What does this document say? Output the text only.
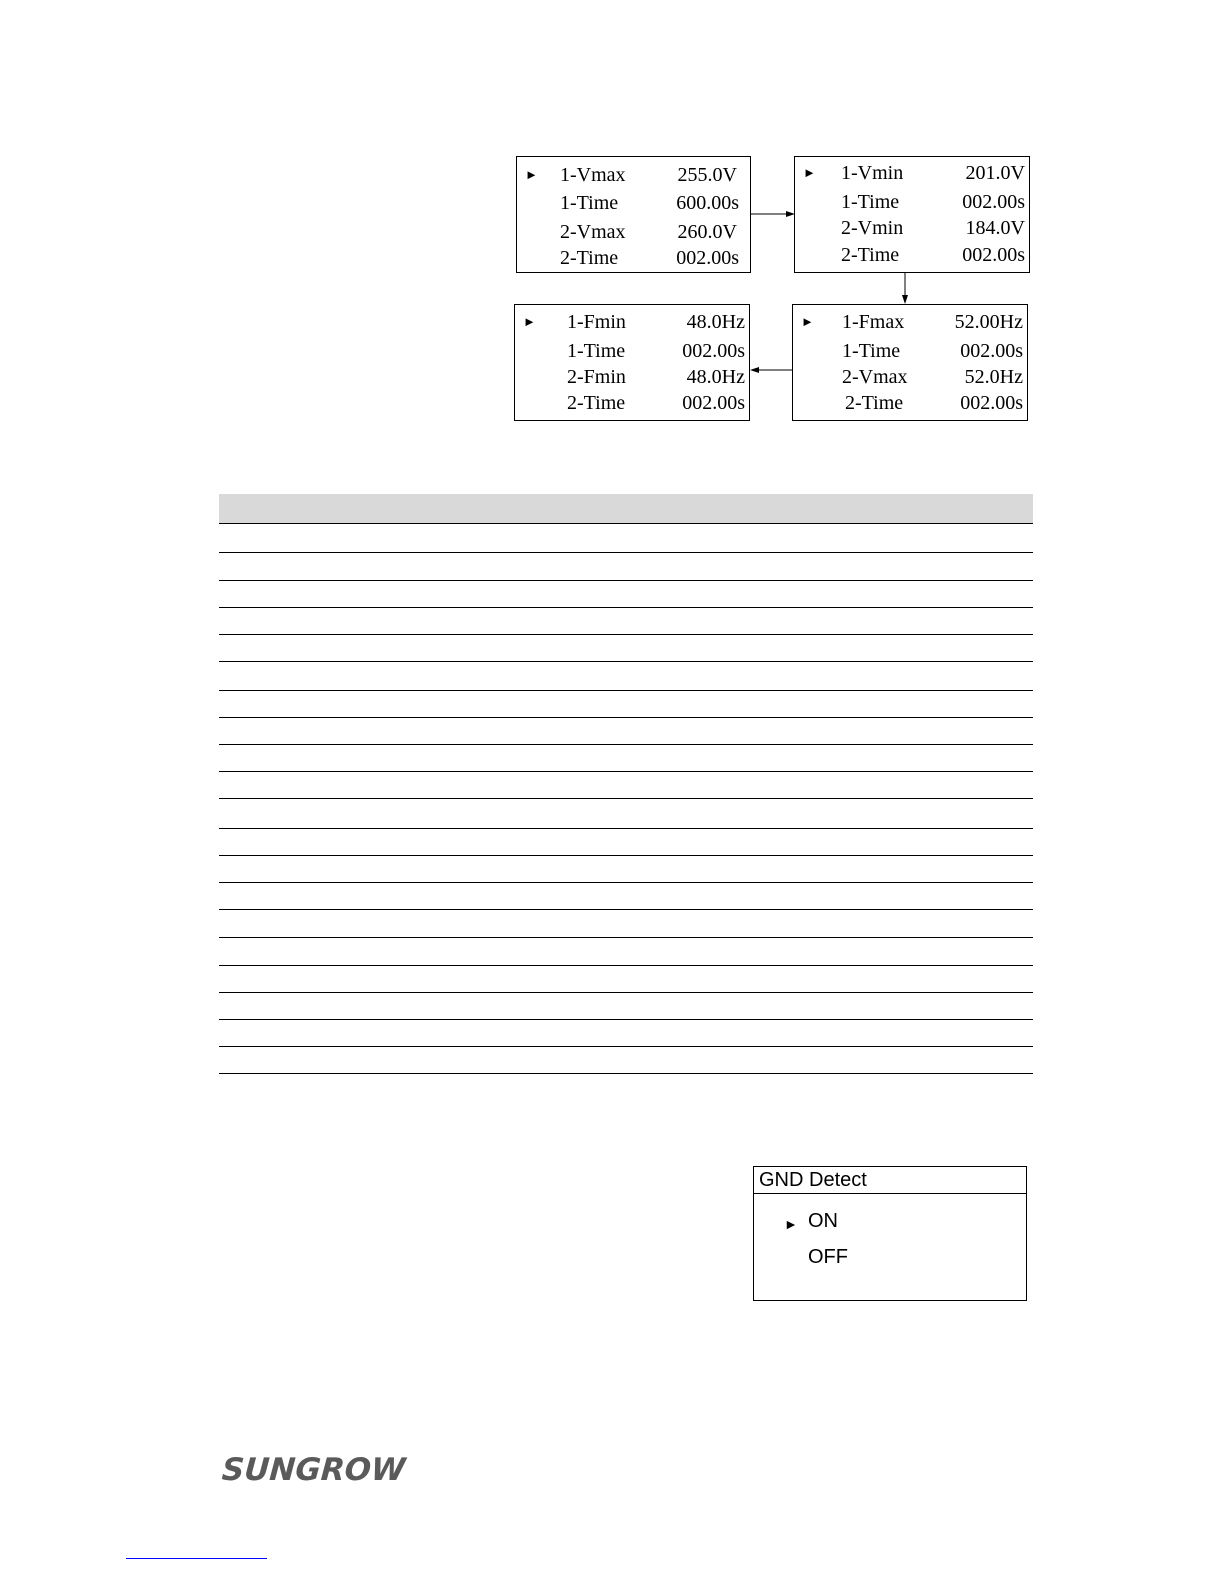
► 1-Vmax	255.0V
1-Time	600.00s
2-Vmax	260.0V
2-Time	002.00s
► 1-Vmin	201.0V
1-Time	002.00s
2-Vmin	184.0V
2-Time	002.00s
► 1-Fmin	48.0Hz
1-Time	002.00s
2-Fmin	48.0Hz
2-Time	002.00s
► 1-Fmax	52.00Hz
1-Time	002.00s
2-Vmax	52.0Hz
2-Time	002.00s
GND Detect
► ON
OFF
SUNGROW
